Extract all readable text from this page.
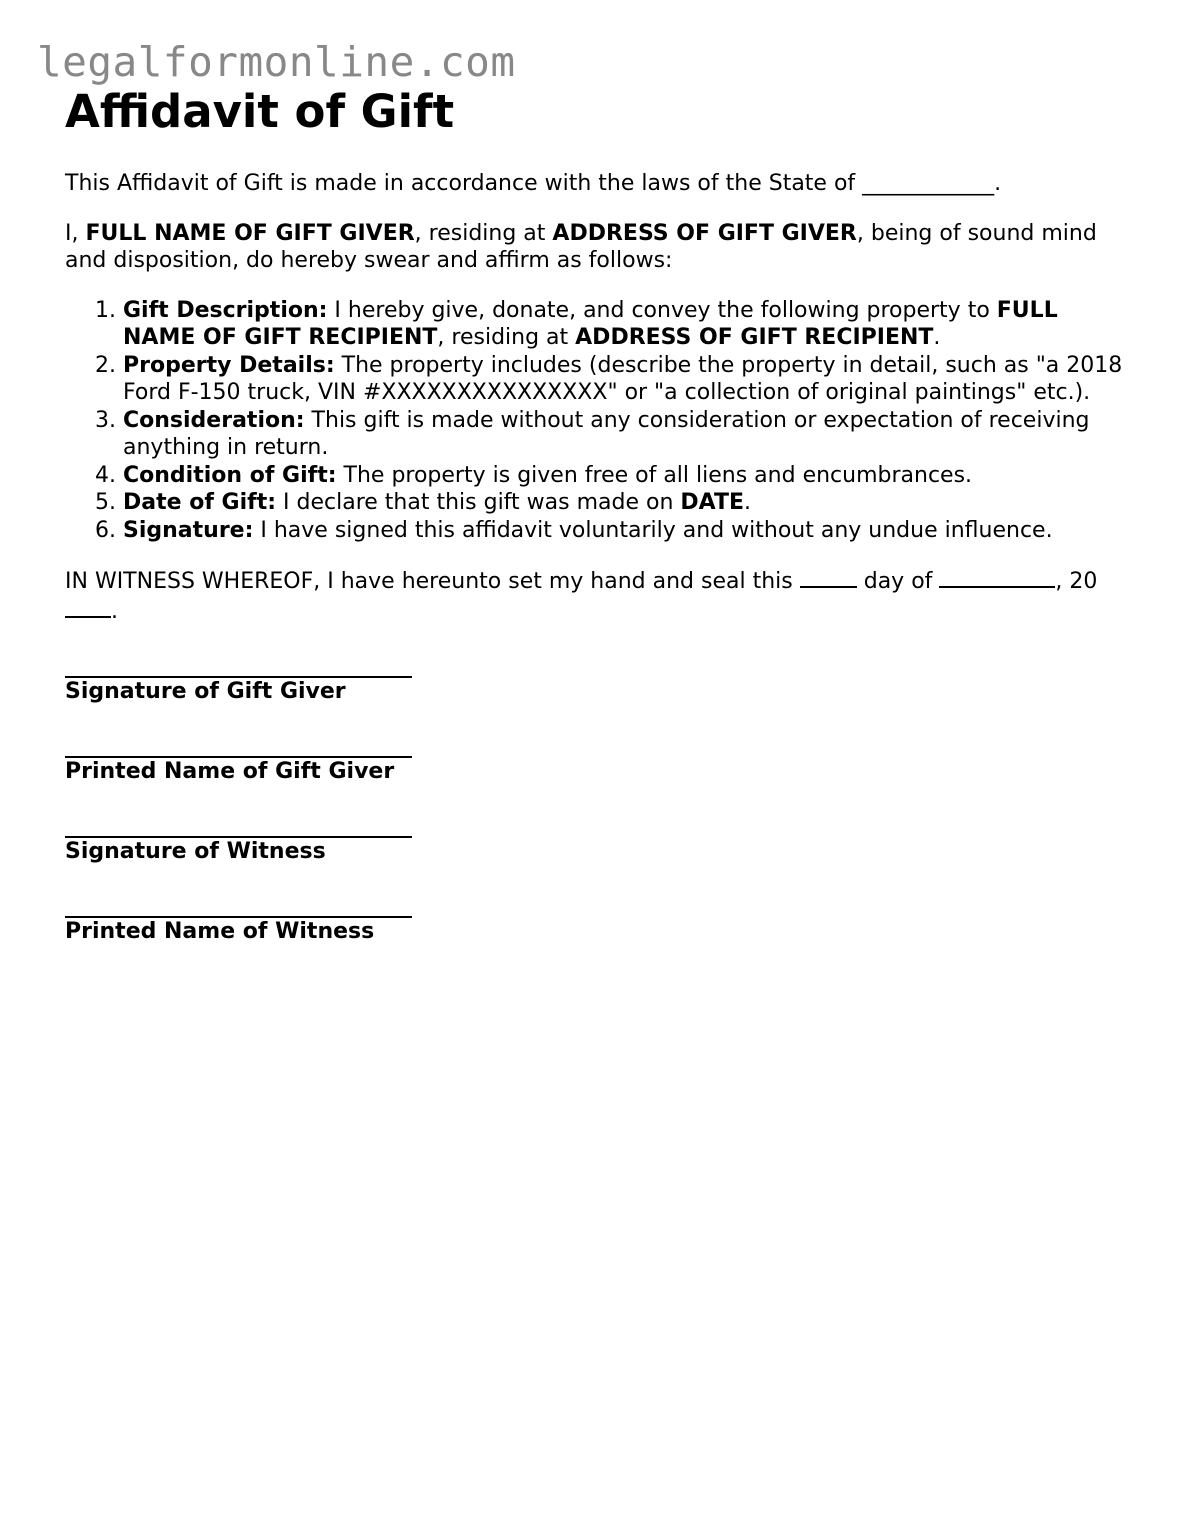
legalformonline.com
Affidavit of Gift

This Affidavit of Gift is made in accordance with the laws of the State of ____________.

I, FULL NAME OF GIFT GIVER, residing at ADDRESS OF GIFT GIVER, being of sound mind and disposition, do hereby swear and affirm as follows:

1. Gift Description: I hereby give, donate, and convey the following property to FULL NAME OF GIFT RECIPIENT, residing at ADDRESS OF GIFT RECIPIENT.
2. Property Details: The property includes (describe the property in detail, such as "a 2018 Ford F-150 truck, VIN #XXXXXXXXXXXXXXX" or "a collection of original paintings" etc.).
3. Consideration: This gift is made without any consideration or expectation of receiving anything in return.
4. Condition of Gift: The property is given free of all liens and encumbrances.
5. Date of Gift: I declare that this gift was made on DATE.
6. Signature: I have signed this affidavit voluntarily and without any undue influence.

IN WITNESS WHEREOF, I have hereunto set my hand and seal this	day of	, 20.

Signature of Gift Giver
Printed Name of Gift Giver
Signature of Witness
Printed Name of Witness
